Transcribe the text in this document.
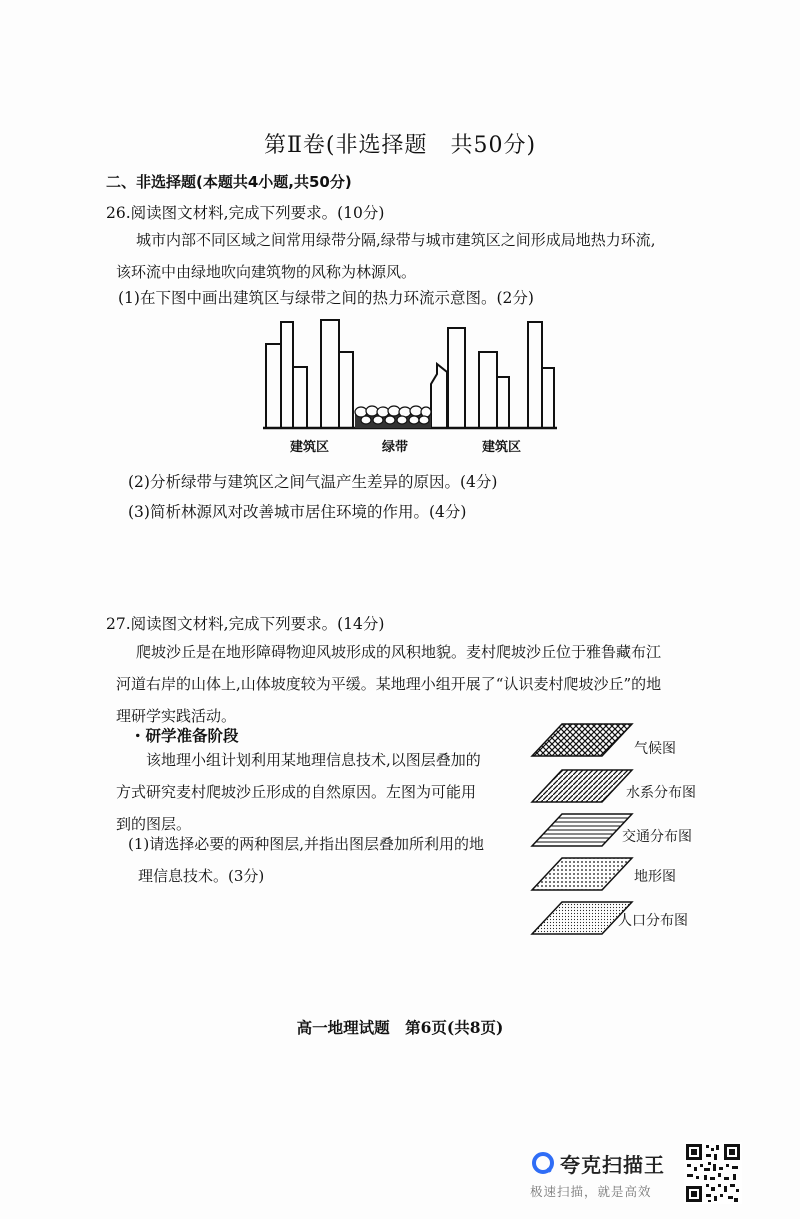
第Ⅱ卷(非选择题　共50分)
二、非选择题(本题共4小题,共50分)
26.阅读图文材料,完成下列要求。(10分)
城市内部不同区域之间常用绿带分隔,绿带与城市建筑区之间形成局地热力环流,
该环流中由绿地吹向建筑物的风称为林源风。
(1)在下图中画出建筑区与绿带之间的热力环流示意图。(2分)
建筑区	绿带	建筑区
(2)分析绿带与建筑区之间气温产生差异的原因。(4分)
(3)简析林源风对改善城市居住环境的作用。(4分)
27.阅读图文材料,完成下列要求。(14分)
爬坡沙丘是在地形障碍物迎风坡形成的风积地貌。麦村爬坡沙丘位于雅鲁藏布江
河道右岸的山体上,山体坡度较为平缓。某地理小组开展了“认识麦村爬坡沙丘”的地
理研学实践活动。
・研学准备阶段
该地理小组计划利用某地理信息技术,以图层叠加的
方式研究麦村爬坡沙丘形成的自然原因。左图为可能用
到的图层。
(1)请选择必要的两种图层,并指出图层叠加所利用的地
理信息技术。(3分)
气候图
水系分布图
交通分布图
地形图
人口分布图
高一地理试题　第6页(共8页)
夸克扫描王
极速扫描，就是高效
